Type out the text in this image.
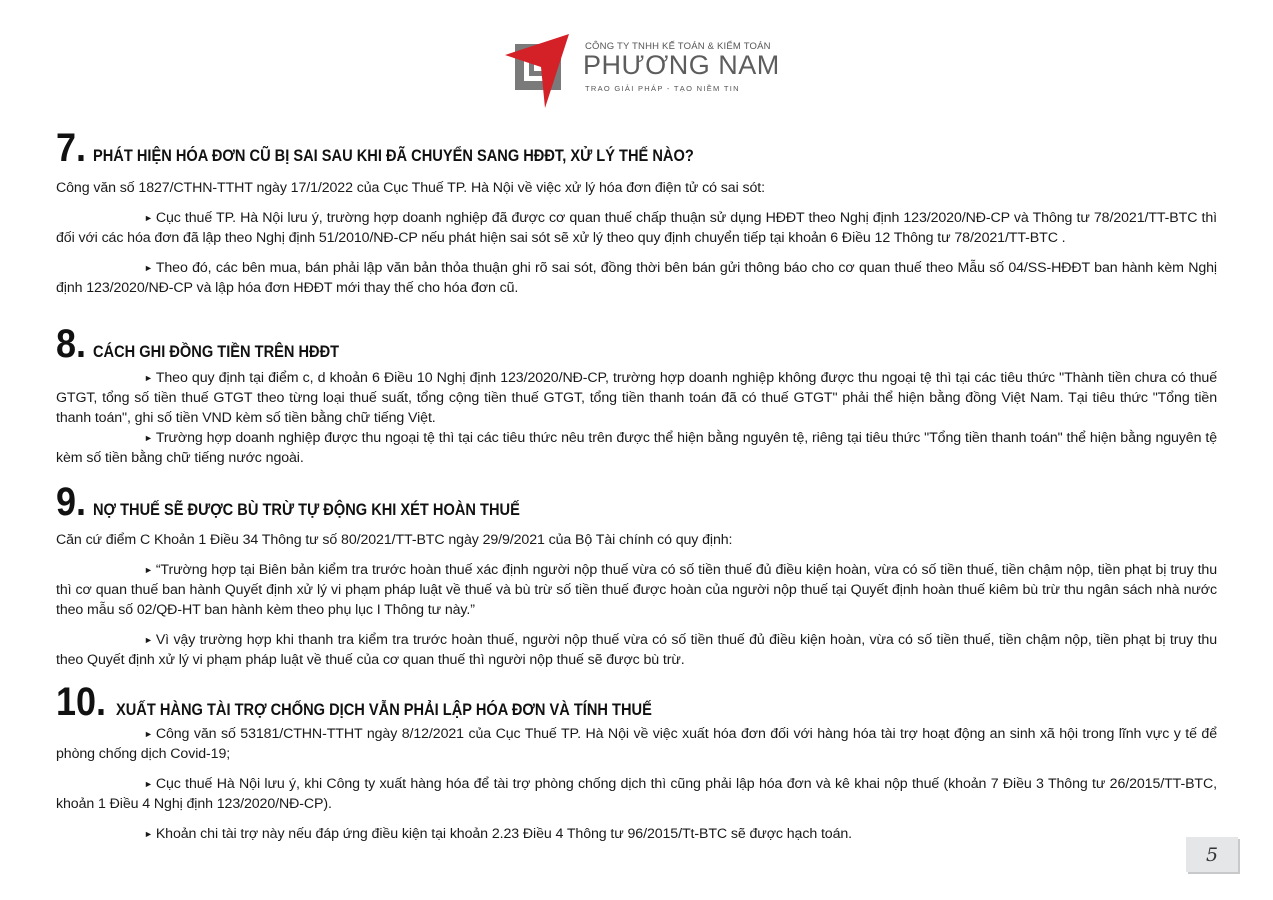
CÔNG TY TNHH KẾ TOÁN & KIỂM TOÁN
PHƯƠNG NAM
TRAO GIẢI PHÁP - TẠO NIỀM TIN
7. PHÁT HIỆN HÓA ĐƠN CŨ BỊ SAI SAU KHI ĐÃ CHUYỂN SANG HĐĐT, XỬ LÝ THẾ NÀO?

Công văn số 1827/CTHN-TTHT ngày 17/1/2022 của Cục Thuế TP. Hà Nội về việc xử lý hóa đơn điện tử có sai sót:

► Cục thuế TP. Hà Nội lưu ý, trường hợp doanh nghiệp đã được cơ quan thuế chấp thuận sử dụng HĐĐT theo Nghị định 123/2020/NĐ-CP và Thông tư 78/2021/TT-BTC thì đối với các hóa đơn đã lập theo Nghị định 51/2010/NĐ-CP nếu phát hiện sai sót sẽ xử lý theo quy định chuyển tiếp tại khoản 6 Điều 12 Thông tư 78/2021/TT-BTC .

► Theo đó, các bên mua, bán phải lập văn bản thỏa thuận ghi rõ sai sót, đồng thời bên bán gửi thông báo cho cơ quan thuế theo Mẫu số 04/SS-HĐĐT ban hành kèm Nghị định 123/2020/NĐ-CP và lập hóa đơn HĐĐT mới thay thế cho hóa đơn cũ.

8. CÁCH GHI ĐỒNG TIỀN TRÊN HĐĐT

► Theo quy định tại điểm c, d khoản 6 Điều 10 Nghị định 123/2020/NĐ-CP, trường hợp doanh nghiệp không được thu ngoại tệ thì tại các tiêu thức "Thành tiền chưa có thuế GTGT, tổng số tiền thuế GTGT theo từng loại thuế suất, tổng cộng tiền thuế GTGT, tổng tiền thanh toán đã có thuế GTGT" phải thể hiện bằng đồng Việt Nam. Tại tiêu thức "Tổng tiền thanh toán", ghi số tiền VND kèm số tiền bằng chữ tiếng Việt.

► Trường hợp doanh nghiệp được thu ngoại tệ thì tại các tiêu thức nêu trên được thể hiện bằng nguyên tệ, riêng tại tiêu thức "Tổng tiền thanh toán" thể hiện bằng nguyên tệ kèm số tiền bằng chữ tiếng nước ngoài.

9. NỢ THUẾ SẼ ĐƯỢC BÙ TRỪ TỰ ĐỘNG KHI XÉT HOÀN THUẾ

Căn cứ điểm C Khoản 1 Điều 34 Thông tư số 80/2021/TT-BTC ngày 29/9/2021 của Bộ Tài chính có quy định:

► “Trường hợp tại Biên bản kiểm tra trước hoàn thuế xác định người nộp thuế vừa có số tiền thuế đủ điều kiện hoàn, vừa có số tiền thuế, tiền chậm nộp, tiền phạt bị truy thu thì cơ quan thuế ban hành Quyết định xử lý vi phạm pháp luật về thuế và bù trừ số tiền thuế được hoàn của người nộp thuế tại Quyết định hoàn thuế kiêm bù trừ thu ngân sách nhà nước theo mẫu số 02/QĐ-HT ban hành kèm theo phụ lục I Thông tư này.”

► Vì vậy trường hợp khi thanh tra kiểm tra trước hoàn thuế, người nộp thuế vừa có số tiền thuế đủ điều kiện hoàn, vừa có số tiền thuế, tiền chậm nộp, tiền phạt bị truy thu theo Quyết định xử lý vi phạm pháp luật về thuế của cơ quan thuế thì người nộp thuế sẽ được bù trừ.

10. XUẤT HÀNG TÀI TRỢ CHỐNG DỊCH VẪN PHẢI LẬP HÓA ĐƠN VÀ TÍNH THUẾ

► Công văn số 53181/CTHN-TTHT ngày 8/12/2021 của Cục Thuế TP. Hà Nội về việc xuất hóa đơn đối với hàng hóa tài trợ hoạt động an sinh xã hội trong lĩnh vực y tế để phòng chống dịch Covid-19;

► Cục thuế Hà Nội lưu ý, khi Công ty xuất hàng hóa để tài trợ phòng chống dịch thì cũng phải lập hóa đơn và kê khai nộp thuế (khoản 7 Điều 3 Thông tư 26/2015/TT-BTC, khoản 1 Điều 4 Nghị định 123/2020/NĐ-CP).

► Khoản chi tài trợ này nếu đáp ứng điều kiện tại khoản 2.23 Điều 4 Thông tư 96/2015/Tt-BTC sẽ được hạch toán.

5
